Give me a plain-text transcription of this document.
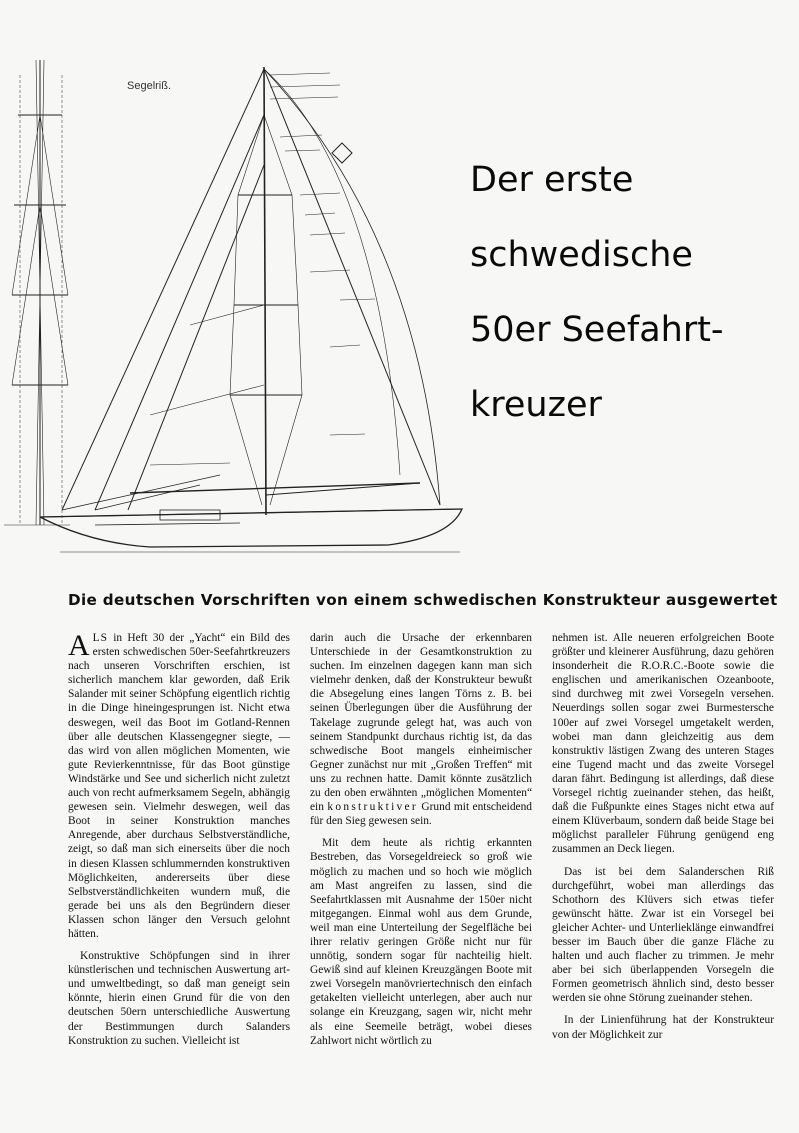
Segelriß.
Der erste
schwedische
50er Seefahrt-
kreuzer
Die deutschen Vorschriften von einem schwedischen Konstrukteur ausgewertet

ALS in Heft 30 der „Yacht“ ein Bild des ersten schwedischen 50er-Seefahrtkreuzers nach unseren Vorschriften erschien, ist sicherlich manchem klar geworden, daß Erik Salander mit seiner Schöpfung eigentlich richtig in die Dinge hineingesprungen ist. Nicht etwa deswegen, weil das Boot im Gotland-Rennen über alle deutschen Klassengegner siegte, — das wird von allen möglichen Momenten, wie gute Revierkenntnisse, für das Boot günstige Windstärke und See und sicherlich nicht zuletzt auch von recht aufmerksamem Segeln, abhängig gewesen sein. Vielmehr deswegen, weil das Boot in seiner Konstruktion manches Anregende, aber durchaus Selbstverständliche, zeigt, so daß man sich einerseits über die noch in diesen Klassen schlummernden konstruktiven Möglichkeiten, andererseits über diese Selbstverständlichkeiten wundern muß, die gerade bei uns als den Begründern dieser Klassen schon länger den Versuch gelohnt hätten.

Konstruktive Schöpfungen sind in ihrer künstlerischen und technischen Auswertung art- und umweltbedingt, so daß man geneigt sein könnte, hierin einen Grund für die von den deutschen 50ern unterschiedliche Auswertung der Bestimmungen durch Salanders Konstruktion zu suchen. Vielleicht ist

darin auch die Ursache der erkennbaren Unterschiede in der Gesamtkonstruktion zu suchen. Im einzelnen dagegen kann man sich vielmehr denken, daß der Konstrukteur bewußt die Absegelung eines langen Törns z. B. bei seinen Überlegungen über die Ausführung der Takelage zugrunde gelegt hat, was auch von seinem Standpunkt durchaus richtig ist, da das schwedische Boot mangels einheimischer Gegner zunächst nur mit „Großen Treffen“ mit uns zu rechnen hatte. Damit könnte zusätzlich zu den oben erwähnten „möglichen Momenten“ ein konstruktiver Grund mit entscheidend für den Sieg gewesen sein.

Mit dem heute als richtig erkannten Bestreben, das Vorsegeldreieck so groß wie möglich zu machen und so hoch wie möglich am Mast angreifen zu lassen, sind die Seefahrtklassen mit Ausnahme der 150er nicht mitgegangen. Einmal wohl aus dem Grunde, weil man eine Unterteilung der Segelfläche bei ihrer relativ geringen Größe nicht nur für unnötig, sondern sogar für nachteilig hielt. Gewiß sind auf kleinen Kreuzgängen Boote mit zwei Vorsegeln manövriertechnisch den einfach getakelten vielleicht unterlegen, aber auch nur solange ein Kreuzgang, sagen wir, nicht mehr als eine Seemeile beträgt, wobei dieses Zahlwort nicht wörtlich zu

nehmen ist. Alle neueren erfolgreichen Boote größter und kleinerer Ausführung, dazu gehören insonderheit die R.O.R.C.-Boote sowie die englischen und amerikanischen Ozeanboote, sind durchweg mit zwei Vorsegeln versehen. Neuerdings sollen sogar zwei Burmesterschе 100er auf zwei Vorsegel umgetakelt werden, wobei man dann gleichzeitig aus dem konstruktiv lästigen Zwang des unteren Stages eine Tugend macht und das zweite Vorsegel daran fährt. Bedingung ist allerdings, daß diese Vorsegel richtig zueinander stehen, das heißt, daß die Fußpunkte eines Stages nicht etwa auf einem Klüverbaum, sondern daß beide Stage bei möglichst paralleler Führung genügend eng zusammen an Deck liegen.

Das ist bei dem Salanderschen Riß durchgeführt, wobei man allerdings das Schothorn des Klüvers sich etwas tiefer gewünscht hätte. Zwar ist ein Vorsegel bei gleicher Achter- und Unterlieklänge einwandfrei besser im Bauch über die ganze Fläche zu halten und auch flacher zu trimmen. Je mehr aber bei sich überlappenden Vorsegeln die Formen geometrisch ähnlich sind, desto besser werden sie ohne Störung zueinander stehen.

In der Linienführung hat der Konstrukteur von der Möglichkeit zur
